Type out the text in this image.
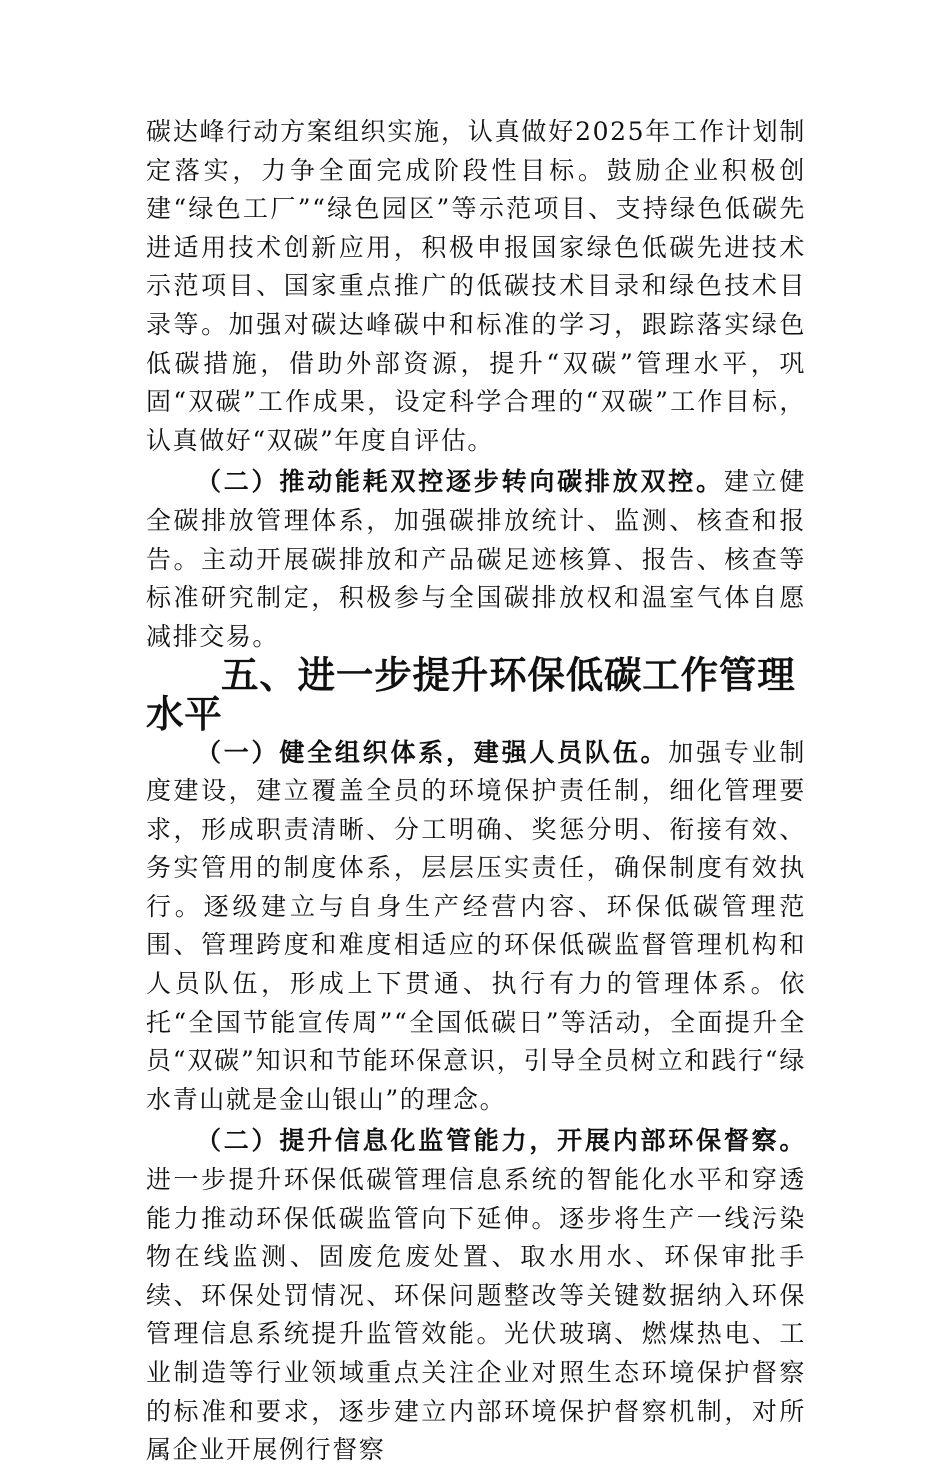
碳达峰行动方案组织实施，认真做好2025年工作计划制定落实，力争全面完成阶段性目标。鼓励企业积极创建“绿色工厂”“绿色园区”等示范项目、支持绿色低碳先进适用技术创新应用，积极申报国家绿色低碳先进技术示范项目、国家重点推广的低碳技术目录和绿色技术目录等。加强对碳达峰碳中和标准的学习，跟踪落实绿色低碳措施，借助外部资源，提升“双碳”管理水平，巩固“双碳”工作成果，设定科学合理的“双碳”工作目标，认真做好“双碳”年度自评估。

（二）推动能耗双控逐步转向碳排放双控。建立健全碳排放管理体系，加强碳排放统计、监测、核查和报告。主动开展碳排放和产品碳足迹核算、报告、核查等标准研究制定，积极参与全国碳排放权和温室气体自愿减排交易。

五、进一步提升环保低碳工作管理水平

（一）健全组织体系，建强人员队伍。加强专业制度建设，建立覆盖全员的环境保护责任制，细化管理要求，形成职责清晰、分工明确、奖惩分明、衔接有效、务实管用的制度体系，层层压实责任，确保制度有效执行。逐级建立与自身生产经营内容、环保低碳管理范围、管理跨度和难度相适应的环保低碳监督管理机构和人员队伍，形成上下贯通、执行有力的管理体系。依托“全国节能宣传周”“全国低碳日”等活动，全面提升全员“双碳”知识和节能环保意识，引导全员树立和践行“绿水青山就是金山银山”的理念。

（二）提升信息化监管能力，开展内部环保督察。进一步提升环保低碳管理信息系统的智能化水平和穿透能力推动环保低碳监管向下延伸。逐步将生产一线污染物在线监测、固废危废处置、取水用水、环保审批手续、环保处罚情况、环保问题整改等关键数据纳入环保管理信息系统提升监管效能。光伏玻璃、燃煤热电、工业制造等行业领域重点关注企业对照生态环境保护督察的标准和要求，逐步建立内部环境保护督察机制，对所属企业开展例行督察
